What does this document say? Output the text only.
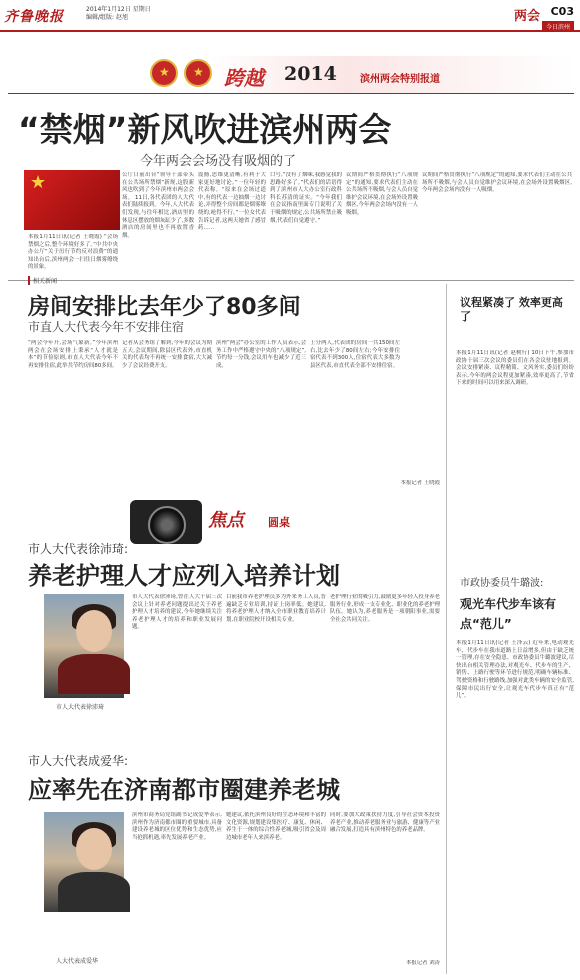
齐鲁晚报	2014年1月12日 星期日
编辑/组版: 赵旭	两会 C03
今日滨州
★
★
跨越 2014 滨州两会特别报道
“禁烟”新风吹进滨州两会
今年两会会场没有吸烟的了
★ 两会新风
本报1月11日讯(记者 王晓霞) “会场禁烟之后,整个环境好多了。”中共中央办公厅“关于厉行节约反对浪费”的通知出台后,滨州两会一扫往日烟雾缭绕的景象。
公厅日前出台“领导干部带头在公共场所禁烟”新规,这股新风也吹到了今年滨州市两会会场。 11日,各代表团的人大代表们陆续报到。今年,人大代表们发现,与往年相比,酒店里的休息区摆放的烟灰缸少了,多数酒店的房间里也不再放置香烟。
震撼,思维更清晰,有利于大家更好地讨论。”一位年轻的代表称。“原来在会场过道中,有的代表一边抽烟一边讨论,弄得整个房间都是烟雾缭绕的,呛得不行。”一位女代表告诉记者,这两天她省了感冒药……
口号,“没有了烟味,我感觉我的思路好多了。”代表们的话语得到了滨州市人大办公室行政科科长苏清的证实。“今年我们在会议指南里面专门说明了关于吸烟的规定,公共场所禁止吸烟,代表们自觉遵守。”
议期间严格贯彻执行“八项规定”的通知,要求代表们主动在公共场所不吸烟,与会人员自觉维护会议环境,在会场外设置吸烟区,今年两会会场内没有一人吸烟。
议期间严格贯彻执行“八项规定”的通知,要求代表们主动在公共场所不吸烟,与会人员自觉维护会议环境,在会场外设置吸烟区,今年两会会场内没有一人吸烟。
相关新闻
房间安排比去年少了80多间
市直人大代表今年不安排住宿
“两会今年开,会场气象新。”今年滨州两会在会场安排上秉承“人才就是本”的节俭原则,市直人大代表今年不再安排住宿,此举共节约房间80多间。
记者从会务组了解到,今年的会议为期五天,会议期间,除县区代表外,市直机关的代表均不再统一安排食宿,大大减少了会议经费开支。
滨州“两会”办公室的工作人员表示,会务工作中严格遵守中央的“八项规定”,节约每一分钱,会议用车也减少了近三成。
上分两人,代表团的房间一共150间左右,比去年少了80间左右;今年安排住宿代表不到300人,住宿代表大多数为县区代表,市直代表全部不安排住宿。
本报记者 王晓霞
议程紧凑了 效率更高了
本报1月11日讯(记者 赵树行) 10日下午,参加市政协十届三次会议的委员们在各会议驻地报到。会议安排紧凑、议程精简、文风务实,委员们纷纷表示,今年的两会议程更加紧凑,效率更高了,节省下来的时间可以用来深入调研。
焦点 圆桌
市人大代表徐沛琦:
养老护理人才应列入培养计划
市人大代表徐沛琦
市人大代表徐沛琦,曾在人大十届三次会议上针对养老问题提出过关于养老护理人才培养的建议,今年她继续关注养老护理人才的培养和职业发展问题。
目前我市养老护理员多为外来务工人员,普遍缺乏专业培训,持证上岗率低。她建议,将养老护理人才纳入全市职业教育培养计划,在职业院校开设相关专业。
老护理行业的吸引力,鼓励更多年轻人投身养老服务行业,形成一支专业化、职业化的养老护理队伍。她认为,养老服务是一项朝阳事业,需要全社会共同关注。
市政协委员牛璐波:
观光车代步车该有点“范儿”
本报1月11日讯(记者 王泽云) 近年来,电动观光车、代步车在我市道路上日益增多,但由于缺乏统一管理,存在安全隐患。市政协委员牛璐波建议,尽快出台相关管理办法,对观光车、代步车的生产、销售、上路行驶等环节进行规范,明确车辆标准、驾驶资格和行驶路线,加强对此类车辆的安全监管,保障市民出行安全,让观光车代步车真正有“范儿”。
市人大代表成爱华:
应率先在济南都市圈建养老城
人大代表成爱华
滨州市商务局党组副书记成爱华表示,滨州作为济南都市圈的重要城市,具备建设养老城的区位优势和生态优势,应当抢抓机遇,率先发展养老产业。
她建议,依托滨州良好的生态环境和丰富的文化资源,规划建设集医疗、康复、休闲、养生于一体的综合性养老城,吸引省会及周边城市老年人来滨养老。
同时,要加大政策扶持力度,引导社会资本投资养老产业,推动养老服务业与旅游、健康等产业融合发展,打造具有滨州特色的养老品牌。
本报记者 刘涛
